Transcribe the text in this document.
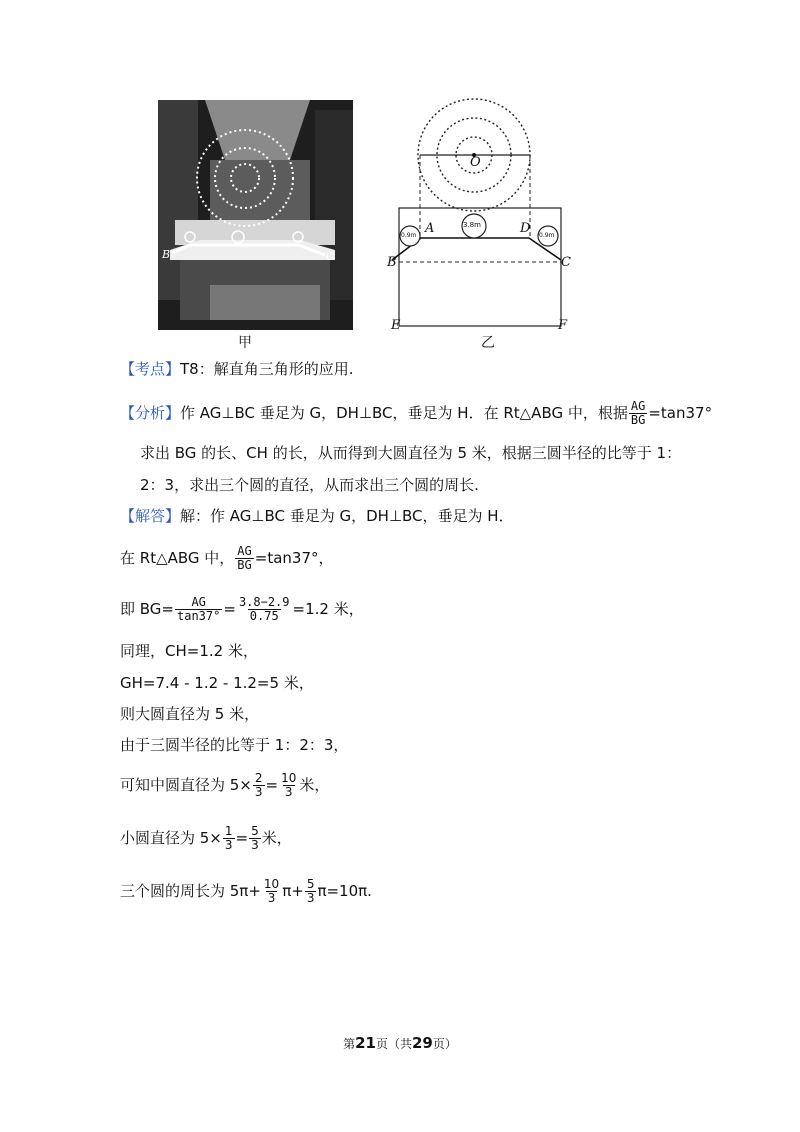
B	C
甲
O
A	D
B	C
E	F
3.8m
0.9m	0.9m
乙
【考点】T8：解直角三角形的应用.
【分析】作 AG⊥BC 垂足为 G，DH⊥BC，垂足为 H．在 Rt△ABG 中，根据 $\frac{AG}{BG} =\tan 37^\circ$
求出 BG 的长、CH 的长，从而得到大圆直径为 5 米，根据三圆半径的比等于 1：
2：3，求出三个圆的直径，从而求出三个圆的周长.
【解答】解：作 AG⊥BC 垂足为 G，DH⊥BC，垂足为 H．
在 Rt△ABG 中， $\frac{AG}{BG} =\tan 37^\circ$，
即 $BG= \frac{AG}{\tan 37^\circ} = \frac{3.8-2.9}{0.75} =1.2$ 米，
同理，CH=1.2 米，
GH=7.4 - 1.2 - 1.2=5 米，
则大圆直径为 5 米，
由于三圆半径的比等于 1：2：3，
可知中圆直径为 $5\times \frac{2}{3} = \frac{10}{3}$ 米，
小圆直径为 $5\times \frac{1}{3} = \frac{5}{3}$ 米，
三个圆的周长为 $5\pi+ \frac{10}{3} \pi+ \frac{5}{3} \pi=10\pi$.
第21页（共29页）
